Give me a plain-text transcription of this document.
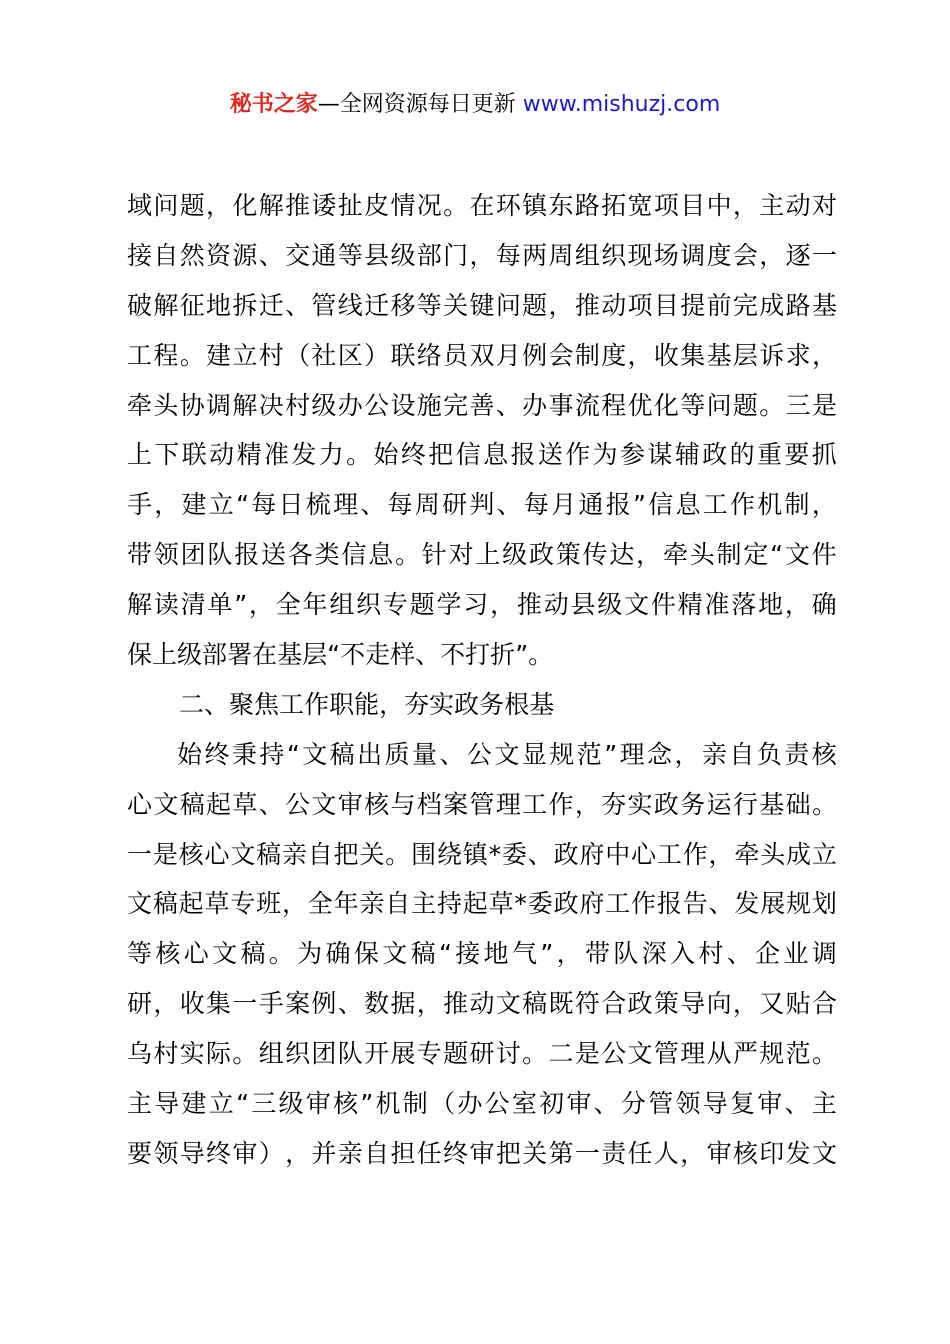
秘书之家—全网资源每日更新 www.mishuzj.com
域 问 题 ， 化 解 推 诿 扯 皮 情 况 。 在 环 镇 东 路 拓 宽 项 目 中 ， 主 动 对
接 自 然 资 源 、 交 通 等 县 级 部 门 ， 每 两 周 组 织 现 场 调 度 会 ， 逐 一
破 解 征 地 拆 迁 、 管 线 迁 移 等 关 键 问 题 ， 推 动 项 目 提 前 完 成 路 基
工 程 。 建 立 村 （ 社 区 ） 联 络 员 双 月 例 会 制 度 ， 收 集 基 层 诉 求 ，
牵 头 协 调 解 决 村 级 办 公 设 施 完 善 、 办 事 流 程 优 化 等 问 题 。 三 是
上 下 联 动 精 准 发 力 。 始 终 把 信 息 报 送 作 为 参 谋 辅 政 的 重 要 抓
手 ， 建 立 “ 每 日 梳 理 、 每 周 研 判 、 每 月 通 报 ” 信 息 工 作 机 制 ，
带 领 团 队 报 送 各 类 信 息 。 针 对 上 级 政 策 传 达 ， 牵 头 制 定 “ 文 件
解 读 清 单 ” ， 全 年 组 织 专 题 学 习 ， 推 动 县 级 文 件 精 准 落 地 ， 确
保 上 级 部 署 在 基 层 “ 不 走 样 、 不 打 折 ” 。
二 、 聚 焦 工 作 职 能 ， 夯 实 政 务 根 基
始 终 秉 持 “ 文 稿 出 质 量 、 公 文 显 规 范 ” 理 念 ， 亲 自 负 责 核
心 文 稿 起 草 、 公 文 审 核 与 档 案 管 理 工 作 ， 夯 实 政 务 运 行 基 础 。
一 是 核 心 文 稿 亲 自 把 关 。 围 绕 镇 * 委 、 政 府 中 心 工 作 ， 牵 头 成 立
文 稿 起 草 专 班 ， 全 年 亲 自 主 持 起 草 * 委 政 府 工 作 报 告 、 发 展 规 划
等 核 心 文 稿 。 为 确 保 文 稿 “ 接 地 气 ” ， 带 队 深 入 村 、 企 业 调
研 ， 收 集 一 手 案 例 、 数 据 ， 推 动 文 稿 既 符 合 政 策 导 向 ， 又 贴 合
乌 村 实 际 。 组 织 团 队 开 展 专 题 研 讨 。 二 是 公 文 管 理 从 严 规 范 。
主 导 建 立 “ 三 级 审 核 ” 机 制 （ 办 公 室 初 审 、 分 管 领 导 复 审 、 主
要 领 导 终 审 ） ， 并 亲 自 担 任 终 审 把 关 第 一 责 任 人 ， 审 核 印 发 文
